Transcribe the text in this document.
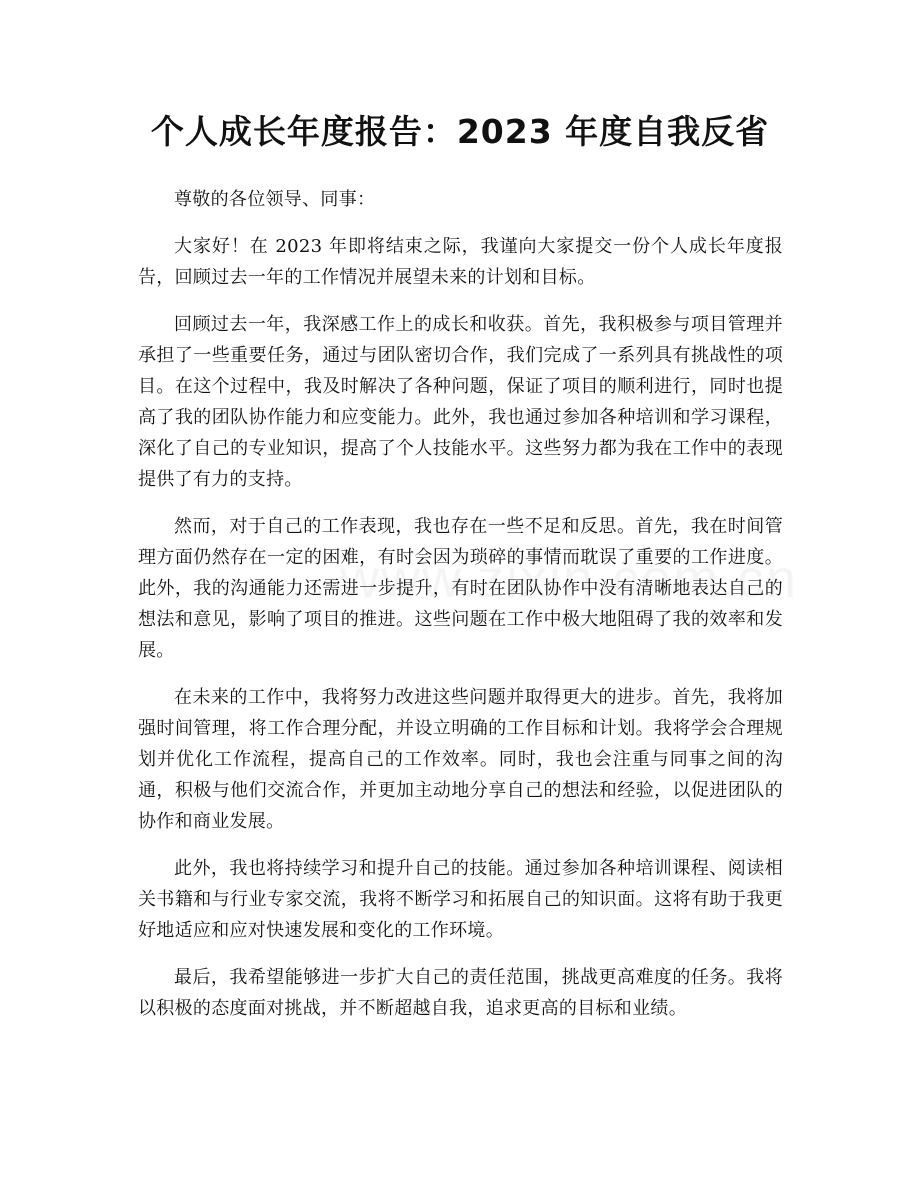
个人成长年度报告：2023 年度自我反省

尊敬的各位领导、同事：

大家好！在 2023 年即将结束之际，我谨向大家提交一份个人成长年度报告，回顾过去一年的工作情况并展望未来的计划和目标。

回顾过去一年，我深感工作上的成长和收获。首先，我积极参与项目管理并承担了一些重要任务，通过与团队密切合作，我们完成了一系列具有挑战性的项目。在这个过程中，我及时解决了各种问题，保证了项目的顺利进行，同时也提高了我的团队协作能力和应变能力。此外，我也通过参加各种培训和学习课程，深化了自己的专业知识，提高了个人技能水平。这些努力都为我在工作中的表现提供了有力的支持。

然而，对于自己的工作表现，我也存在一些不足和反思。首先，我在时间管理方面仍然存在一定的困难，有时会因为琐碎的事情而耽误了重要的工作进度。此外，我的沟通能力还需进一步提升，有时在团队协作中没有清晰地表达自己的想法和意见，影响了项目的推进。这些问题在工作中极大地阻碍了我的效率和发展。

在未来的工作中，我将努力改进这些问题并取得更大的进步。首先，我将加强时间管理，将工作合理分配，并设立明确的工作目标和计划。我将学会合理规划并优化工作流程，提高自己的工作效率。同时，我也会注重与同事之间的沟通，积极与他们交流合作，并更加主动地分享自己的想法和经验，以促进团队的协作和商业发展。

此外，我也将持续学习和提升自己的技能。通过参加各种培训课程、阅读相关书籍和与行业专家交流，我将不断学习和拓展自己的知识面。这将有助于我更好地适应和应对快速发展和变化的工作环境。

最后，我希望能够进一步扩大自己的责任范围，挑战更高难度的任务。我将以积极的态度面对挑战，并不断超越自我，追求更高的目标和业绩。
